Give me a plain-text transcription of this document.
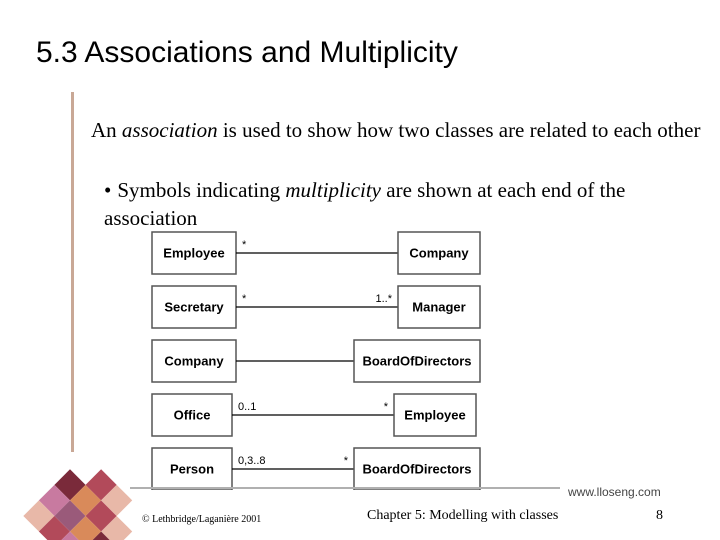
5.3 Associations and Multiplicity
An association is used to show how two classes are related to each other
• Symbols indicating multiplicity are shown at each end of the association
Employee
*
Company
Secretary
*	1..*
Manager
Company	BoardOfDirectors
Office
0..1	*
Employee
Person
0,3..8	*
BoardOfDirectors
www.lloseng.com
© Lethbridge/Laganière 2001	Chapter 5: Modelling with classes	8
